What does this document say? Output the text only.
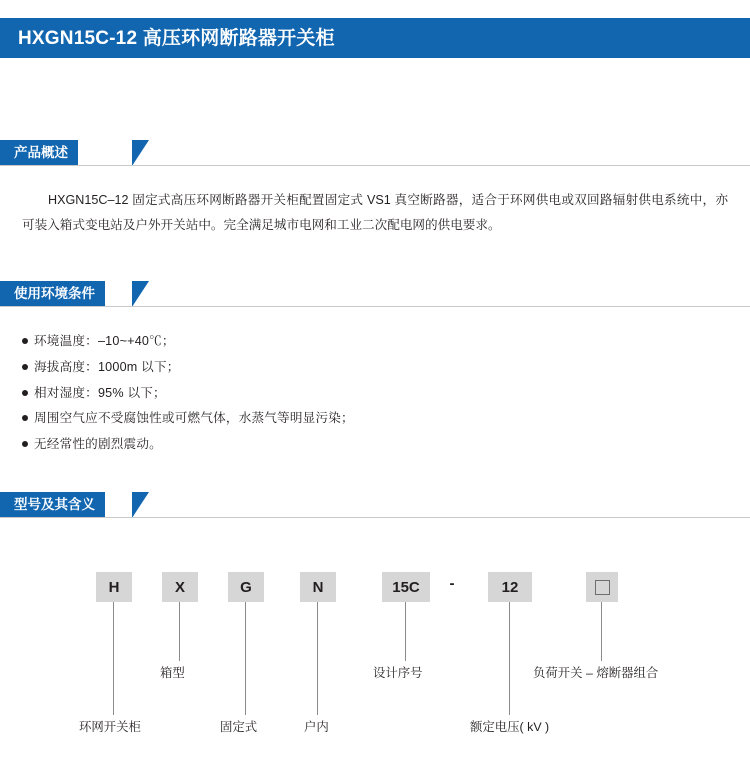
HXGN15C-12 高压环网断路器开关柜
产品概述
HXGN15C–12 固定式高压环网断路器开关柜配置固定式 VS1 真空断路器，适合于环网供电或双回路辐射供电系统中，亦可装入箱式变电站及户外开关站中。完全满足城市电网和工业二次配电网的供电要求。
使用环境条件
环境温度：–10~+40℃；
海拔高度：1000m 以下；
相对湿度：95% 以下；
周围空气应不受腐蚀性或可燃气体，水蒸气等明显污染；
无经常性的剧烈震动。
型号及其含义
H	X	G	N	15C	-	12
箱型	设计序号	负荷开关 – 熔断器组合
环网开关柜	固定式	户内	额定电压( kV )
